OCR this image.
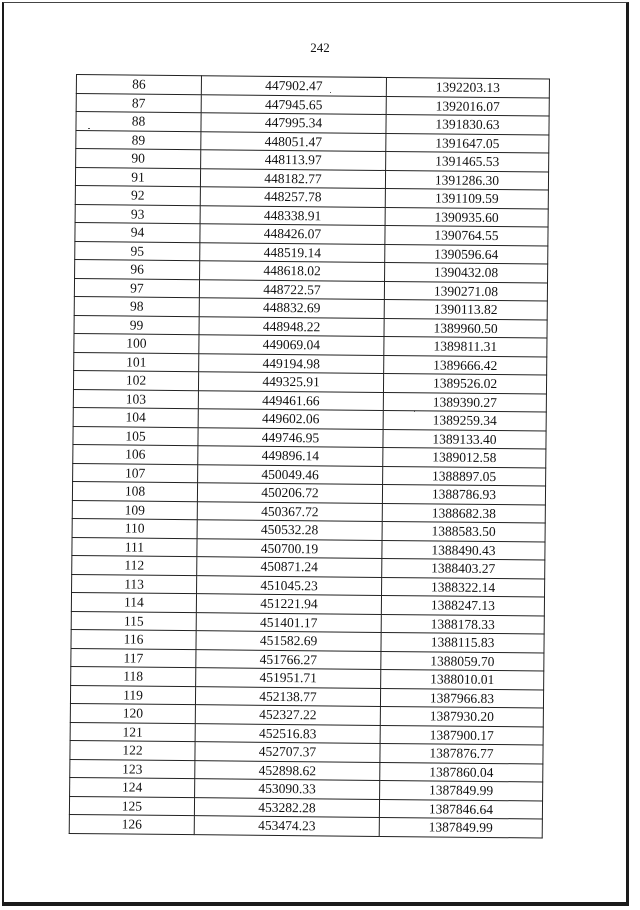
242
86	447902.47	1392203.13
87	447945.65	1392016.07
88	447995.34	1391830.63
89	448051.47	1391647.05
90	448113.97	1391465.53
91	448182.77	1391286.30
92	448257.78	1391109.59
93	448338.91	1390935.60
94	448426.07	1390764.55
95	448519.14	1390596.64
96	448618.02	1390432.08
97	448722.57	1390271.08
98	448832.69	1390113.82
99	448948.22	1389960.50
100	449069.04	1389811.31
101	449194.98	1389666.42
102	449325.91	1389526.02
103	449461.66	1389390.27
104	449602.06	1389259.34
105	449746.95	1389133.40
106	449896.14	1389012.58
107	450049.46	1388897.05
108	450206.72	1388786.93
109	450367.72	1388682.38
110	450532.28	1388583.50
111	450700.19	1388490.43
112	450871.24	1388403.27
113	451045.23	1388322.14
114	451221.94	1388247.13
115	451401.17	1388178.33
116	451582.69	1388115.83
117	451766.27	1388059.70
118	451951.71	1388010.01
119	452138.77	1387966.83
120	452327.22	1387930.20
121	452516.83	1387900.17
122	452707.37	1387876.77
123	452898.62	1387860.04
124	453090.33	1387849.99
125	453282.28	1387846.64
126	453474.23	1387849.99
